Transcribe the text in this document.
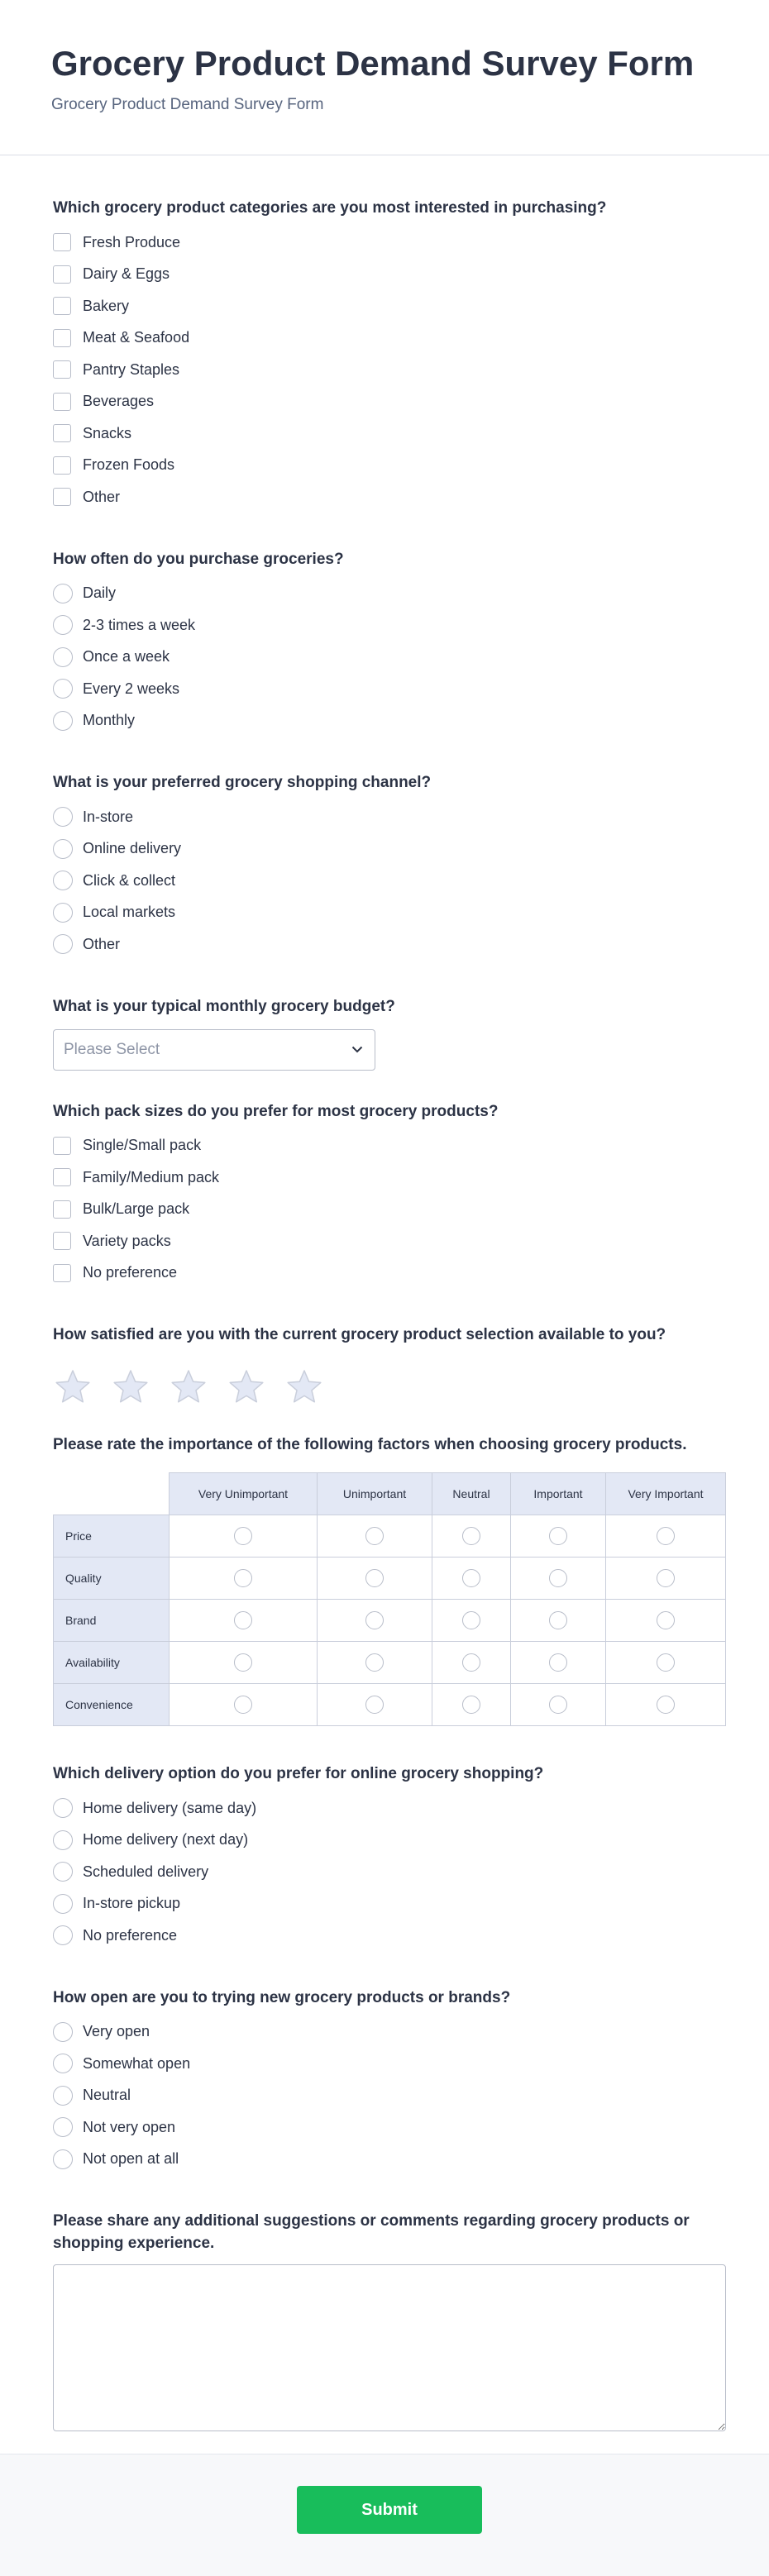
Grocery Product Demand Survey Form
Grocery Product Demand Survey Form
Which grocery product categories are you most interested in purchasing?
Fresh Produce
Dairy & Eggs
Bakery
Meat & Seafood
Pantry Staples
Beverages
Snacks
Frozen Foods
Other
How often do you purchase groceries?
Daily
2-3 times a week
Once a week
Every 2 weeks
Monthly
What is your preferred grocery shopping channel?
In-store
Online delivery
Click & collect
Local markets
Other
What is your typical monthly grocery budget?
Please Select
Which pack sizes do you prefer for most grocery products?
Single/Small pack
Family/Medium pack
Bulk/Large pack
Variety packs
No preference
How satisfied are you with the current grocery product selection available to you?
Please rate the importance of the following factors when choosing grocery products.
	Very Unimportant	Unimportant	Neutral	Important	Very Important
Price					
Quality					
Brand					
Availability					
Convenience					
Which delivery option do you prefer for online grocery shopping?
Home delivery (same day)
Home delivery (next day)
Scheduled delivery
In-store pickup
No preference
How open are you to trying new grocery products or brands?
Very open
Somewhat open
Neutral
Not very open
Not open at all
Please share any additional suggestions or comments regarding grocery products or shopping experience.
Submit
